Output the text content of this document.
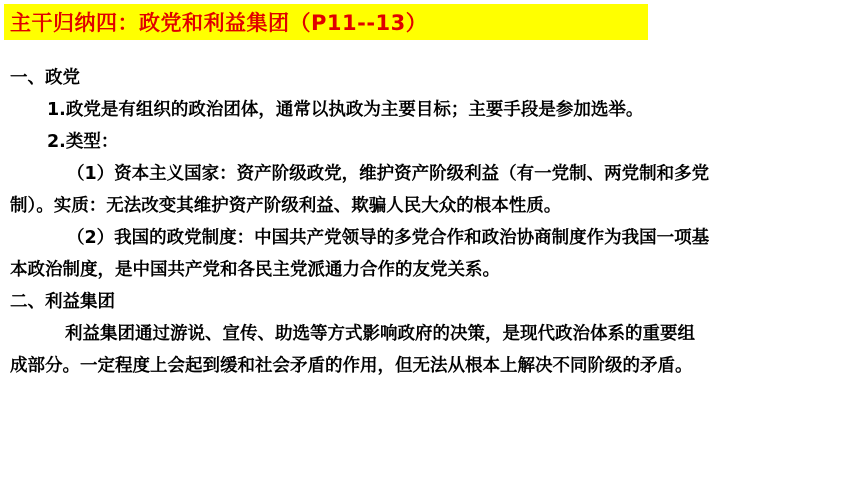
主干归纳四：政党和利益集团（P11--13）
一、政党
1.政党是有组织的政治团体，通常以执政为主要目标；主要手段是参加选举。
2.类型：
（1）资本主义国家：资产阶级政党，维护资产阶级利益（有一党制、两党制和多党
制）。实质：无法改变其维护资产阶级利益、欺骗人民大众的根本性质。
（2）我国的政党制度：中国共产党领导的多党合作和政治协商制度作为我国一项基
本政治制度，是中国共产党和各民主党派通力合作的友党关系。
二、利益集团
利益集团通过游说、宣传、助选等方式影响政府的决策，是现代政治体系的重要组
成部分。一定程度上会起到缓和社会矛盾的作用，但无法从根本上解决不同阶级的矛盾。
